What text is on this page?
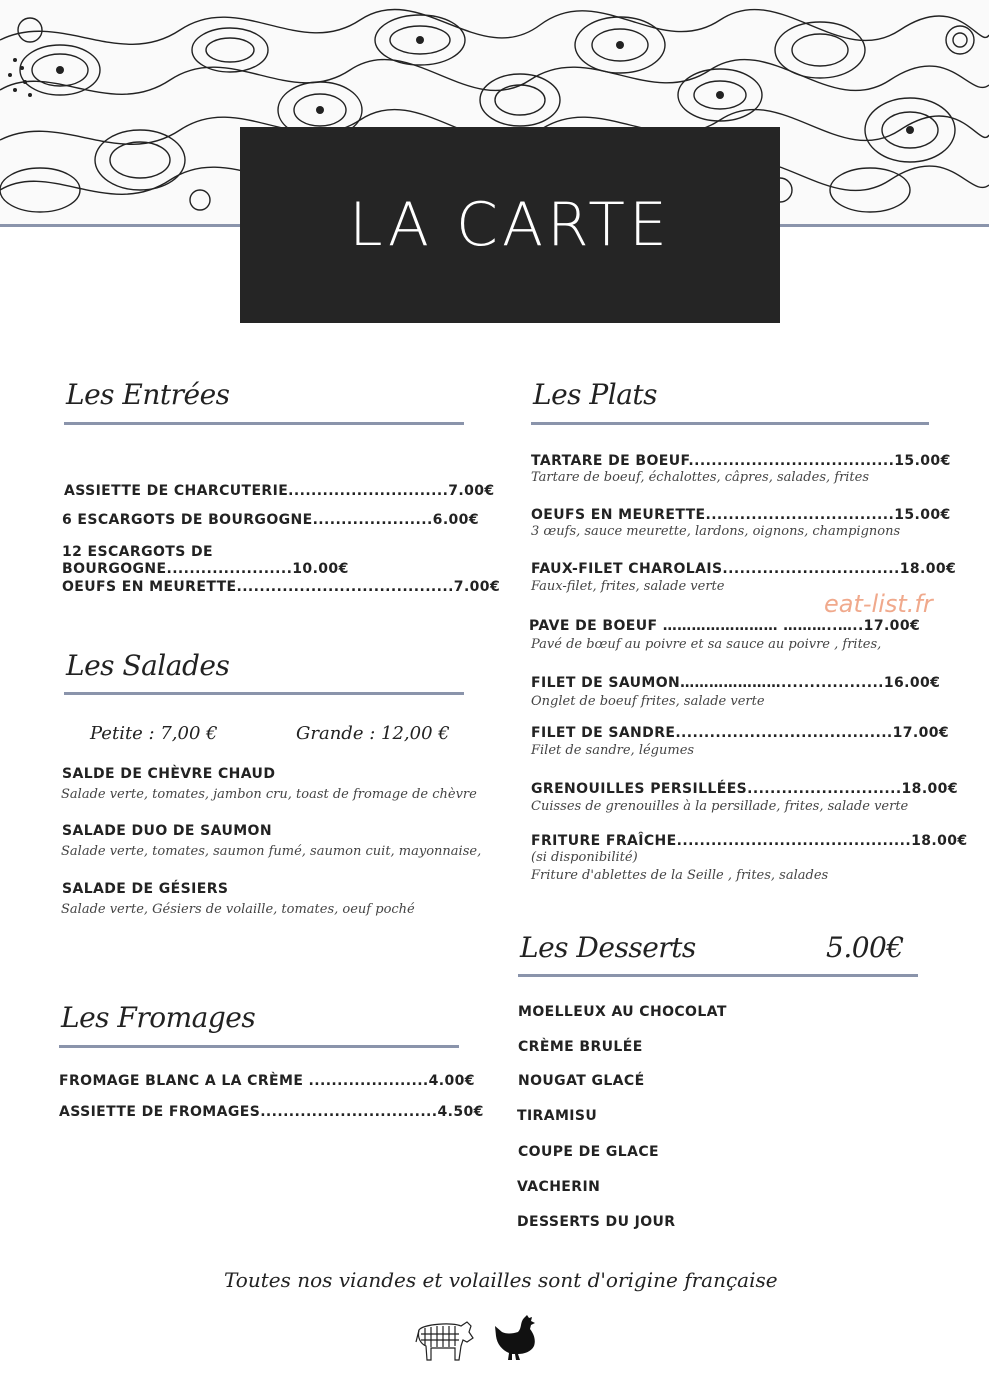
LA CARTE
Les Entrées
ASSIETTE DE CHARCUTERIE............................7.00€
6 ESCARGOTS DE BOURGOGNE.....................6.00€
12 ESCARGOTS DE
BOURGOGNE......................10.00€
OEUFS EN MEURETTE......................................7.00€
Les Salades
Petite : 7,00 €	Grande : 12,00 €
SALDE DE CHÈVRE CHAUD
Salade verte, tomates, jambon cru, toast de fromage de chèvre
SALADE DUO DE SAUMON
Salade verte, tomates, saumon fumé, saumon cuit, mayonnaise,
SALADE DE GÉSIERS
Salade verte, Gésiers de volaille, tomates, oeuf poché
Les Fromages
FROMAGE BLANC A LA CRÈME .....................4.00€
ASSIETTE DE FROMAGES...............................4.50€
Les Plats
TARTARE DE BOEUF....................................15.00€
Tartare de boeuf, échalottes, câpres, salades, frites
OEUFS EN MEURETTE.................................15.00€
3 œufs, sauce meurette, lardons, oignons, champignons
FAUX-FILET CHAROLAIS...............................18.00€
Faux-filet, frites, salade verte
PAVE DE BOEUF …………………… ………..…..17.00€
Pavé de bœuf au poivre et sa sauce au poivre , frites,
FILET DE SAUMON…………………..................16.00€
Onglet de boeuf frites, salade verte
FILET DE SANDRE......................................17.00€
Filet de sandre, légumes
GRENOUILLES PERSILLÉES...........................18.00€
Cuisses de grenouilles à la persillade, frites, salade verte
FRITURE FRAÎCHE.........................................18.00€
(si disponibilité)
Friture d'ablettes de la Seille , frites, salades
eat-list.fr
Les Desserts	5.00€
MOELLEUX AU CHOCOLAT
CRÈME BRULÉE
NOUGAT GLACÉ
TIRAMISU
COUPE DE GLACE
VACHERIN
DESSERTS DU JOUR
Toutes nos viandes et volailles sont d'origine française
